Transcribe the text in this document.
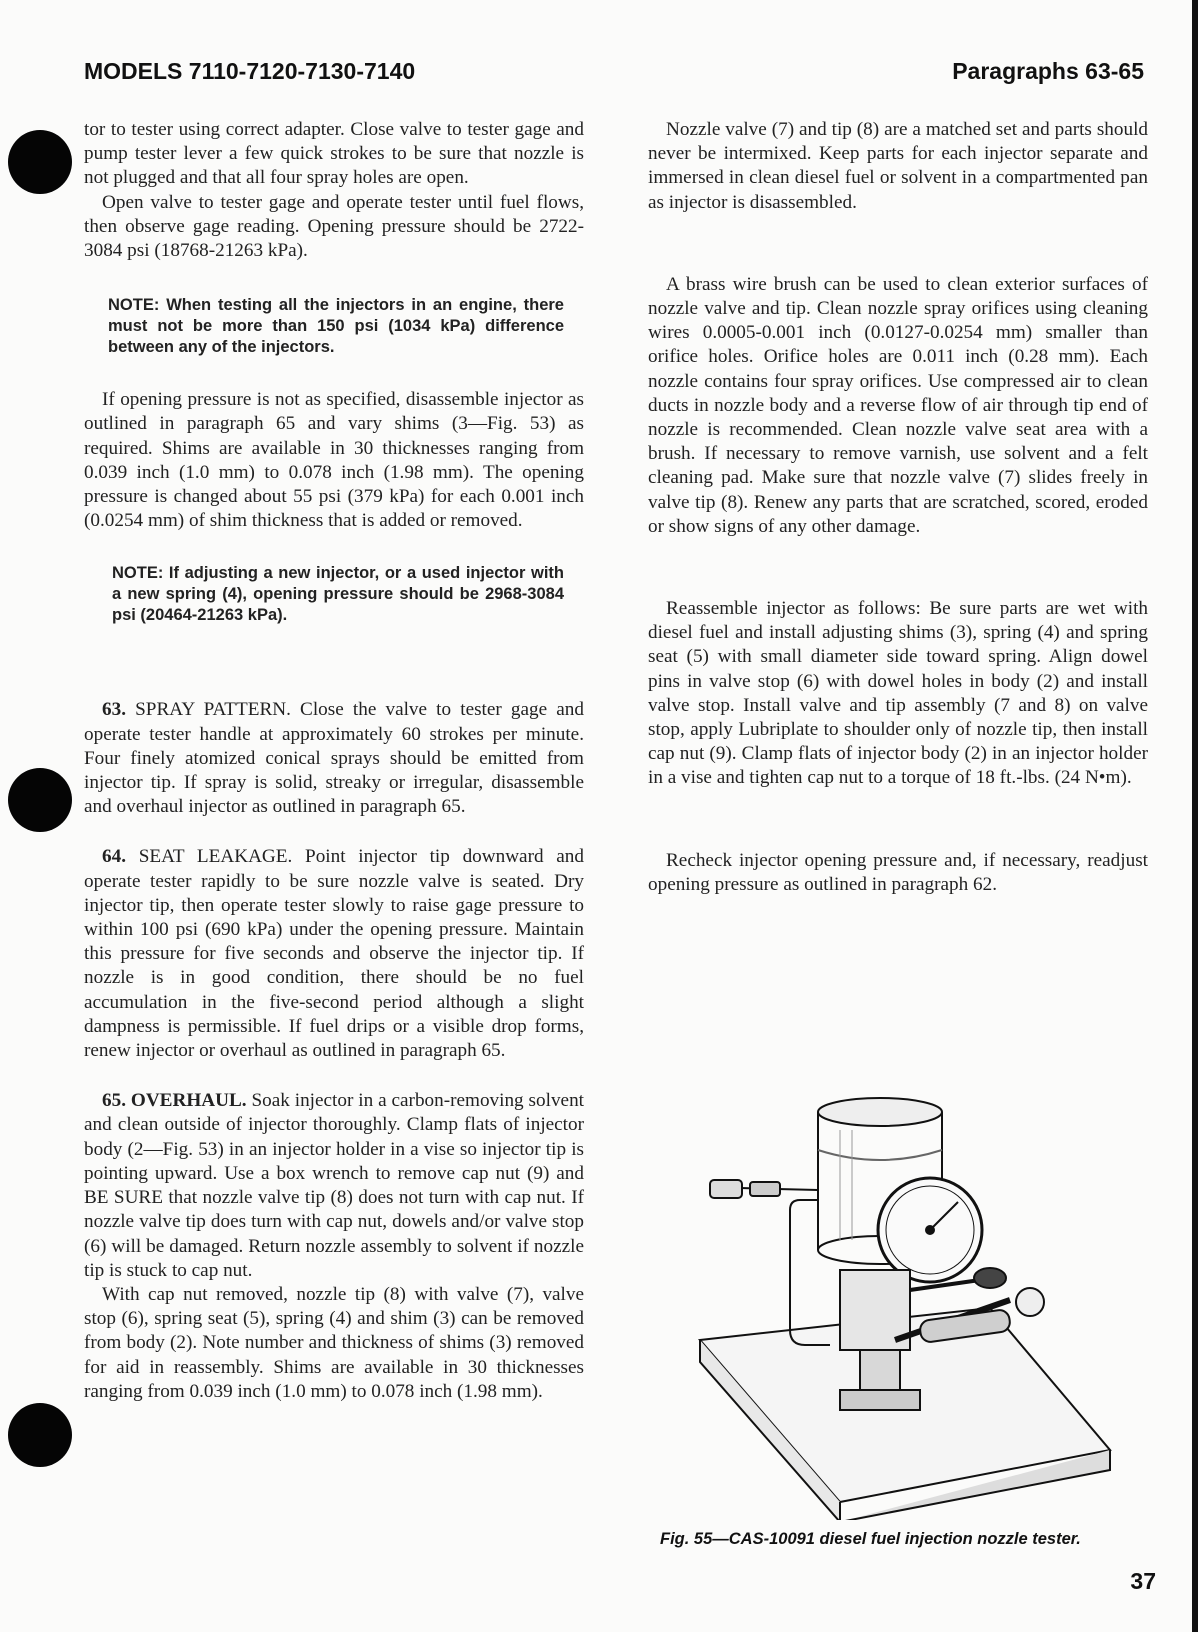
MODELS 7110-7120-7130-7140	Paragraphs 63-65

tor to tester using correct adapter. Close valve to tester gage and pump tester lever a few quick strokes to be sure that nozzle is not plugged and that all four spray holes are open.

Open valve to tester gage and operate tester until fuel flows, then observe gage reading. Opening pressure should be 2722-3084 psi (18768-21263 kPa).

NOTE: When testing all the injectors in an engine, there must not be more than 150 psi (1034 kPa) difference between any of the injectors.

If opening pressure is not as specified, disassemble injector as outlined in paragraph 65 and vary shims (3—Fig. 53) as required. Shims are available in 30 thicknesses ranging from 0.039 inch (1.0 mm) to 0.078 inch (1.98 mm). The opening pressure is changed about 55 psi (379 kPa) for each 0.001 inch (0.0254 mm) of shim thickness that is added or removed.

NOTE: If adjusting a new injector, or a used injector with a new spring (4), opening pressure should be 2968-3084 psi (20464-21263 kPa).

63. SPRAY PATTERN. Close the valve to tester gage and operate tester handle at approximately 60 strokes per minute. Four finely atomized conical sprays should be emitted from injector tip. If spray is solid, streaky or irregular, disassemble and overhaul injector as outlined in paragraph 65.

64. SEAT LEAKAGE. Point injector tip downward and operate tester rapidly to be sure nozzle valve is seated. Dry injector tip, then operate tester slowly to raise gage pressure to within 100 psi (690 kPa) under the opening pressure. Maintain this pressure for five seconds and observe the injector tip. If nozzle is in good condition, there should be no fuel accumulation in the five-second period although a slight dampness is permissible. If fuel drips or a visible drop forms, renew injector or overhaul as outlined in paragraph 65.

65. OVERHAUL. Soak injector in a carbon-removing solvent and clean outside of injector thoroughly. Clamp flats of injector body (2—Fig. 53) in an injector holder in a vise so injector tip is pointing upward. Use a box wrench to remove cap nut (9) and BE SURE that nozzle valve tip (8) does not turn with cap nut. If nozzle valve tip does turn with cap nut, dowels and/or valve stop (6) will be damaged. Return nozzle assembly to solvent if nozzle tip is stuck to cap nut.

With cap nut removed, nozzle tip (8) with valve (7), valve stop (6), spring seat (5), spring (4) and shim (3) can be removed from body (2). Note number and thickness of shims (3) removed for aid in reassembly. Shims are available in 30 thicknesses ranging from 0.039 inch (1.0 mm) to 0.078 inch (1.98 mm).

Nozzle valve (7) and tip (8) are a matched set and parts should never be intermixed. Keep parts for each injector separate and immersed in clean diesel fuel or solvent in a compartmented pan as injector is disassembled.

A brass wire brush can be used to clean exterior surfaces of nozzle valve and tip. Clean nozzle spray orifices using cleaning wires 0.0005-0.001 inch (0.0127-0.0254 mm) smaller than orifice holes. Orifice holes are 0.011 inch (0.28 mm). Each nozzle contains four spray orifices. Use compressed air to clean ducts in nozzle body and a reverse flow of air through tip end of nozzle is recommended. Clean nozzle valve seat area with a brush. If necessary to remove varnish, use solvent and a felt cleaning pad. Make sure that nozzle valve (7) slides freely in valve tip (8). Renew any parts that are scratched, scored, eroded or show signs of any other damage.

Reassemble injector as follows: Be sure parts are wet with diesel fuel and install adjusting shims (3), spring (4) and spring seat (5) with small diameter side toward spring. Align dowel pins in valve stop (6) with dowel holes in body (2) and install valve stop. Install valve and tip assembly (7 and 8) on valve stop, apply Lubriplate to shoulder only of nozzle tip, then install cap nut (9). Clamp flats of injector body (2) in an injector holder in a vise and tighten cap nut to a torque of 18 ft.-lbs. (24 N•m).

Recheck injector opening pressure and, if necessary, readjust opening pressure as outlined in paragraph 62.

Fig. 55—CAS-10091 diesel fuel injection nozzle tester.
37
